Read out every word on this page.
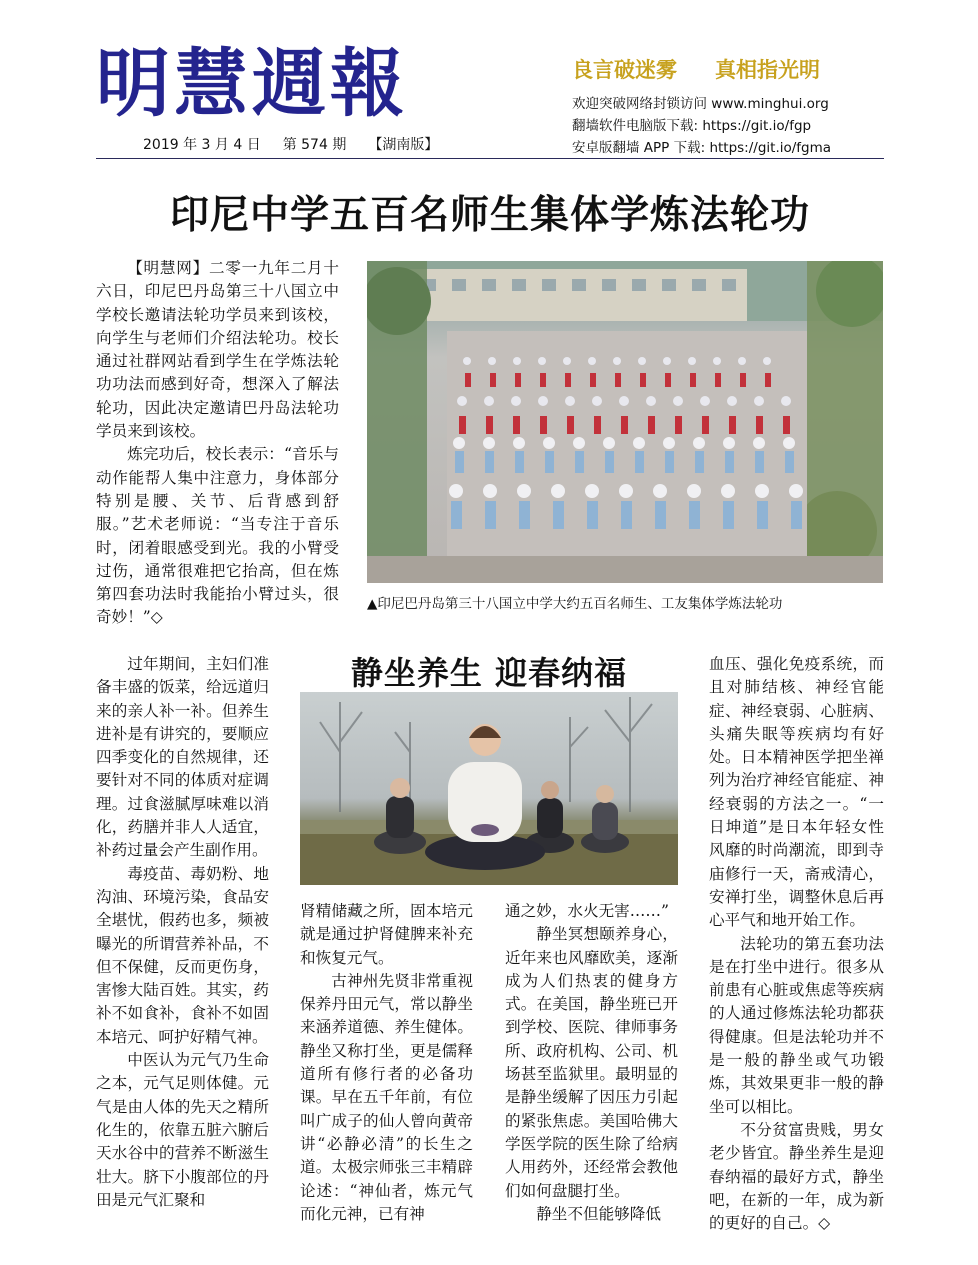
明慧週報	良言破迷雾 真相指光明
欢迎突破网络封锁访问 www.minghui.org
翻墙软件电脑版下载: https://git.io/fgp
安卓版翻墙 APP 下载: https://git.io/fgma
2019 年 3 月 4 日 第 574 期 【湖南版】
印尼中学五百名师生集体学炼法轮功

【明慧网】二零一九年二月十六日，印尼巴丹岛第三十八国立中学校长邀请法轮功学员来到该校，向学生与老师们介绍法轮功。校长通过社群网站看到学生在学炼法轮功功法而感到好奇，想深入了解法轮功，因此决定邀请巴丹岛法轮功学员来到该校。

炼完功后，校长表示：“音乐与动作能帮人集中注意力，身体部分特别是腰、关节、后背感到舒服。”艺术老师说：“当专注于音乐时，闭着眼感受到光。我的小臂受过伤，通常很难把它抬高，但在炼第四套功法时我能抬小臂过头，很奇妙！”◇

▲印尼巴丹岛第三十八国立中学大约五百名师生、工友集体学炼法轮功
静坐养生 迎春纳福

过年期间，主妇们准备丰盛的饭菜，给远道归来的亲人补一补。但养生进补是有讲究的，要顺应四季变化的自然规律，还要针对不同的体质对症调理。过食滋腻厚味难以消化，药膳并非人人适宜，补药过量会产生副作用。

毒疫苗、毒奶粉、地沟油、环境污染，食品安全堪忧，假药也多，频被曝光的所谓营养补品，不但不保健，反而更伤身，害惨大陆百姓。其实，药补不如食补，食补不如固本培元、呵护好精气神。

中医认为元气乃生命之本，元气足则体健。元气是由人体的先天之精所化生的，依靠五脏六腑后天水谷中的营养不断滋生壮大。脐下小腹部位的丹田是元气汇聚和

肾精储藏之所，固本培元就是通过护肾健脾来补充和恢复元气。

古神州先贤非常重视保养丹田元气，常以静坐来涵养道德、养生健体。静坐又称打坐，更是儒释道所有修行者的必备功课。早在五千年前，有位叫广成子的仙人曾向黄帝讲“必静必清”的长生之道。太极宗师张三丰精辟论述：“神仙者，炼元气而化元神，已有神

通之妙，水火无害……”

静坐冥想颐养身心，近年来也风靡欧美，逐渐成为人们热衷的健身方式。在美国，静坐班已开到学校、医院、律师事务所、政府机构、公司、机场甚至监狱里。最明显的是静坐缓解了因压力引起的紧张焦虑。美国哈佛大学医学院的医生除了给病人用药外，还经常会教他们如何盘腿打坐。

静坐不但能够降低

血压、强化免疫系统，而且对肺结核、神经官能症、神经衰弱、心脏病、头痛失眠等疾病均有好处。日本精神医学把坐禅列为治疗神经官能症、神经衰弱的方法之一。“一日坤道”是日本年轻女性风靡的时尚潮流，即到寺庙修行一天，斋戒清心，安禅打坐，调整休息后再心平气和地开始工作。

法轮功的第五套功法是在打坐中进行。很多从前患有心脏或焦虑等疾病的人通过修炼法轮功都获得健康。但是法轮功并不是一般的静坐或气功锻炼，其效果更非一般的静坐可以相比。

不分贫富贵贱，男女老少皆宜。静坐养生是迎春纳福的最好方式，静坐吧，在新的一年，成为新的更好的自己。◇
